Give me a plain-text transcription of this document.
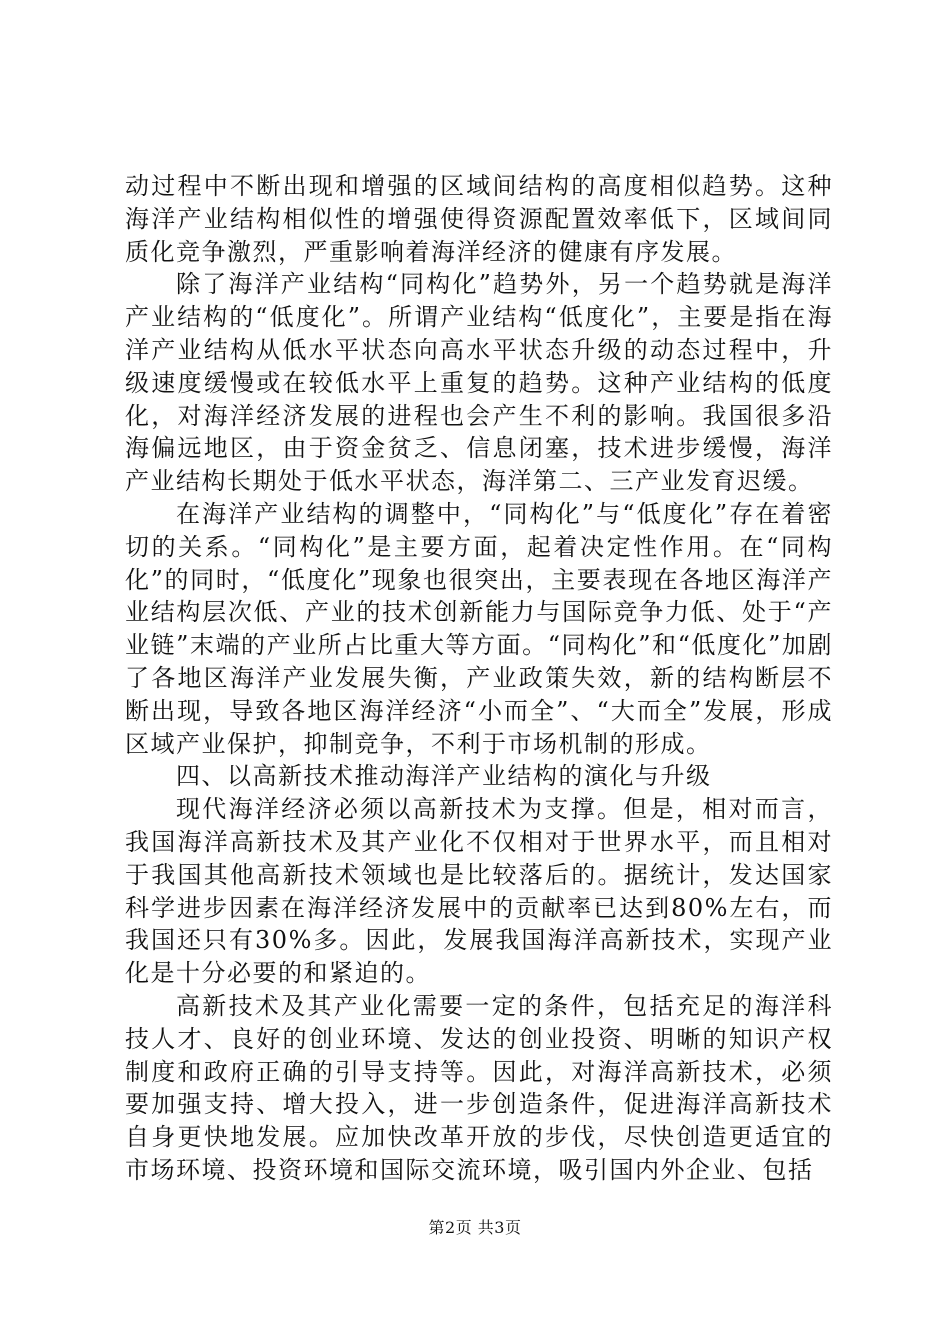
动过程中不断出现和增强的区域间结构的高度相似趋势。这种海洋产业结构相似性的增强使得资源配置效率低下，区域间同质化竞争激烈，严重影响着海洋经济的健康有序发展。

除了海洋产业结构“同构化”趋势外，另一个趋势就是海洋产业结构的“低度化”。所谓产业结构“低度化”，主要是指在海洋产业结构从低水平状态向高水平状态升级的动态过程中，升级速度缓慢或在较低水平上重复的趋势。这种产业结构的低度化，对海洋经济发展的进程也会产生不利的影响。我国很多沿海偏远地区，由于资金贫乏、信息闭塞，技术进步缓慢，海洋产业结构长期处于低水平状态，海洋第二、三产业发育迟缓。

在海洋产业结构的调整中，“同构化”与“低度化”存在着密切的关系。“同构化”是主要方面，起着决定性作用。在“同构化”的同时，“低度化”现象也很突出，主要表现在各地区海洋产业结构层次低、产业的技术创新能力与国际竞争力低、处于“产业链”末端的产业所占比重大等方面。“同构化”和“低度化”加剧了各地区海洋产业发展失衡，产业政策失效，新的结构断层不断出现，导致各地区海洋经济“小而全”、“大而全”发展，形成区域产业保护，抑制竞争，不利于市场机制的形成。

四、以高新技术推动海洋产业结构的演化与升级

现代海洋经济必须以高新技术为支撑。但是，相对而言，我国海洋高新技术及其产业化不仅相对于世界水平，而且相对于我国其他高新技术领域也是比较落后的。据统计，发达国家科学进步因素在海洋经济发展中的贡献率已达到80%左右，而我国还只有30%多。因此，发展我国海洋高新技术，实现产业化是十分必要的和紧迫的。

高新技术及其产业化需要一定的条件，包括充足的海洋科技人才、良好的创业环境、发达的创业投资、明晰的知识产权制度和政府正确的引导支持等。因此，对海洋高新技术，必须要加强支持、增大投入，进一步创造条件，促进海洋高新技术自身更快地发展。应加快改革开放的步伐，尽快创造更适宜的市场环境、投资环境和国际交流环境，吸引国内外企业、包括

第2页 共3页
